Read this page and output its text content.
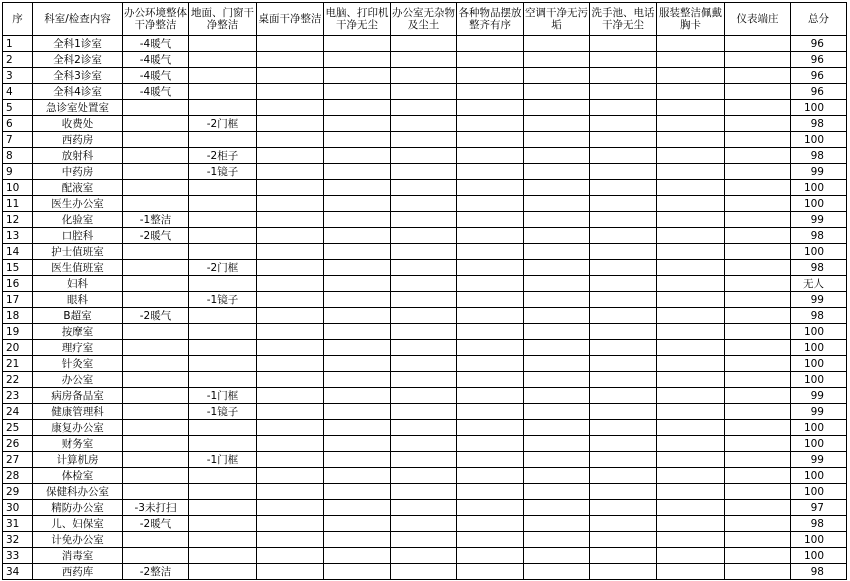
序	科室/检查内容	办公环境整体干净整洁	地面、门窗干净整洁	桌面干净整洁	电脑、打印机干净无尘	办公室无杂物及尘土	各种物品摆放整齐有序	空调干净无污垢	洗手池、电话干净无尘	服装整洁佩戴胸卡	仪表端庄	总分
1	全科1诊室	-4暖气										96
2	全科2诊室	-4暖气										96
3	全科3诊室	-4暖气										96
4	全科4诊室	-4暖气										96
5	急诊室处置室											100
6	收费处		-2门框									98
7	西药房											100
8	放射科		-2柜子									98
9	中药房		-1镜子									99
10	配液室											100
11	医生办公室											100
12	化验室	-1整洁										99
13	口腔科	-2暖气										98
14	护士值班室											100
15	医生值班室		-2门框									98
16	妇科											无人
17	眼科		-1镜子									99
18	B超室	-2暖气										98
19	按摩室											100
20	理疗室											100
21	针灸室											100
22	办公室											100
23	病房备品室		-1门框									99
24	健康管理科		-1镜子									99
25	康复办公室											100
26	财务室											100
27	计算机房		-1门框									99
28	体检室											100
29	保健科办公室											100
30	精防办公室	-3未打扫										97
31	儿、妇保室	-2暖气										98
32	计免办公室											100
33	消毒室											100
34	西药库	-2整洁										98
